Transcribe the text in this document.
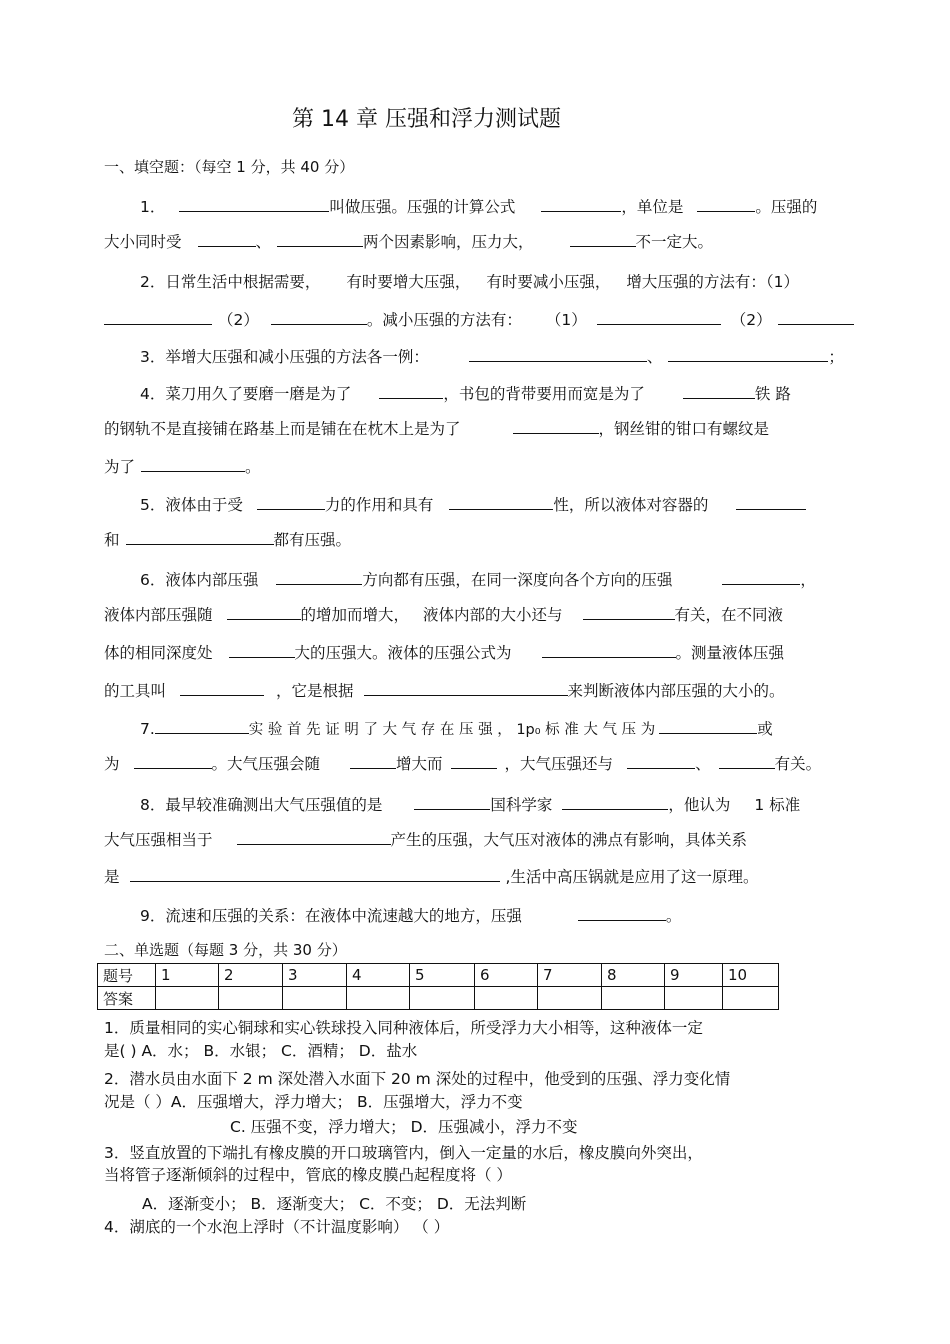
第 14 章 压强和浮力测试题
一、填空题：（每空 1 分，共 40 分）
1．	叫做压强。压强的计算公式	，单位是	。压强的
大小同时受	、	两个因素影响，压力大，	不一定大。
2．日常生活中根据需要， 有时要增大压强， 有时要减小压强， 增大压强的方法有：（1）
（2）	。减小压强的方法有： （1）	（2）
3．举增大压强和减小压强的方法各一例：	、	；
4．菜刀用久了要磨一磨是为了	，书包的背带要用而宽是为了	铁 路
的钢轨不是直接铺在路基上而是铺在在枕木上是为了	，钢丝钳的钳口有螺纹是
为了	。
5．液体由于受	力的作用和具有	性，所以液体对容器的
和	都有压强。
6．液体内部压强	方向都有压强，在同一深度向各个方向的压强	，
液体内部压强随	的增加而增大， 液体内部的大小还与	有关，在不同液
体的相同深度处	大的压强大。液体的压强公式为	。测量液体压强
的工具叫	，它是根据	来判断液体内部压强的大小的。
7.	实 验 首 先 证 明 了 大 气 存 在 压 强 ， 1p₀ 标 准 大 气 压 为	或
为	。大气压强会随	增大而	，大气压强还与	、	有关。
8．最早较准确测出大气压强值的是	国科学家	，他认为 1 标准
大气压强相当于	产生的压强，大气压对液体的沸点有影响，具体关系
是	,生活中高压锅就是应用了这一原理。
9．流速和压强的关系：在液体中流速越大的地方，压强	。
二、单选题（每题 3 分，共 30 分）
题号	1	2	3	4	5	6	7	8	9	10
答案										
1．质量相同的实心铜球和实心铁球投入同种液体后，所受浮力大小相等，这种液体一定
是( ) A．水； B．水银； C．酒精； D．盐水
2．潜水员由水面下 2 m 深处潜入水面下 20 m 深处的过程中，他受到的压强、浮力变化情
况是（ ）A．压强增大，浮力增大； B．压强增大，浮力不变
C. 压强不变，浮力增大； D．压强减小，浮力不变
3．竖直放置的下端扎有橡皮膜的开口玻璃管内，倒入一定量的水后，橡皮膜向外突出，
当将管子逐渐倾斜的过程中，管底的橡皮膜凸起程度将（ ）
A．逐渐变小； B．逐渐变大； C．不变； D．无法判断
4．湖底的一个水泡上浮时（不计温度影响） （ ）
